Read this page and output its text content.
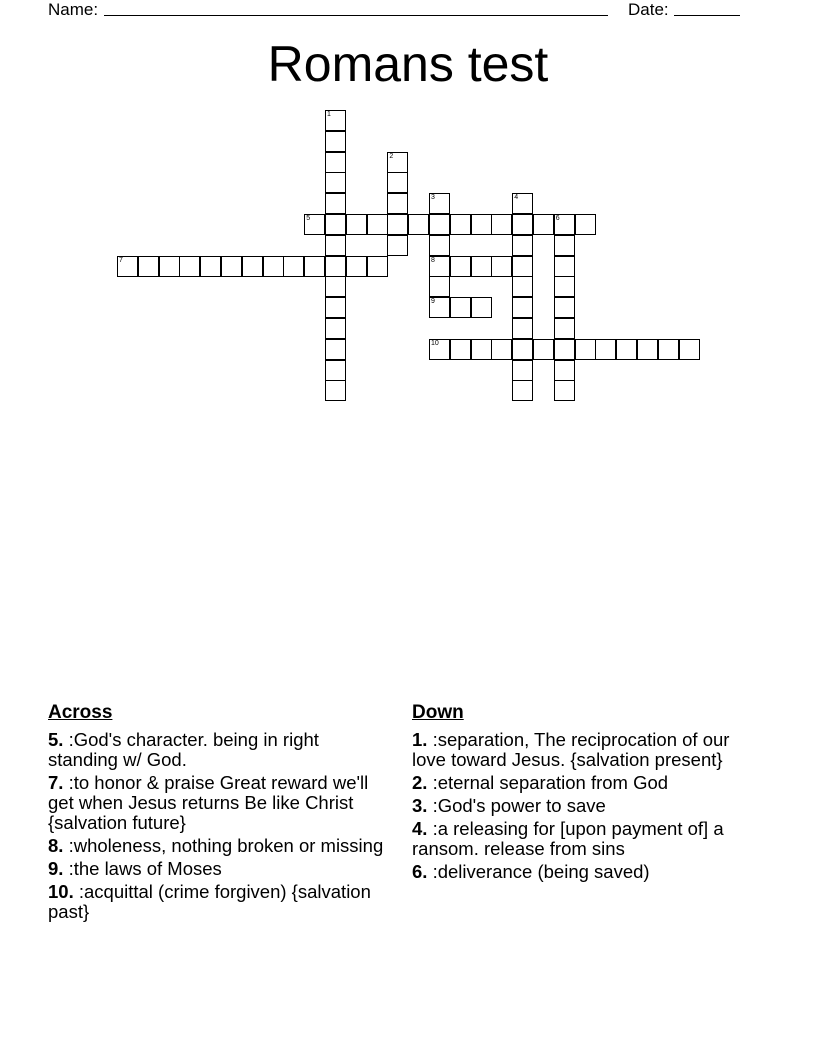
Name:	Date:
Romans test
1
2
3
8
4
6
5
7
9
10
Across
5. :God's character. being in right standing w/ God.
7. :to honor & praise Great reward we'll get when Jesus returns Be like Christ {salvation future}
8. :wholeness, nothing broken or missing
9. :the laws of Moses
10. :acquittal (crime forgiven) {salvation past}
Down
1. :separation, The reciprocation of our love toward Jesus. {salvation present}
2. :eternal separation from God
3. :God's power to save
4. :a releasing for [upon payment of] a ransom. release from sins
6. :deliverance (being saved)
